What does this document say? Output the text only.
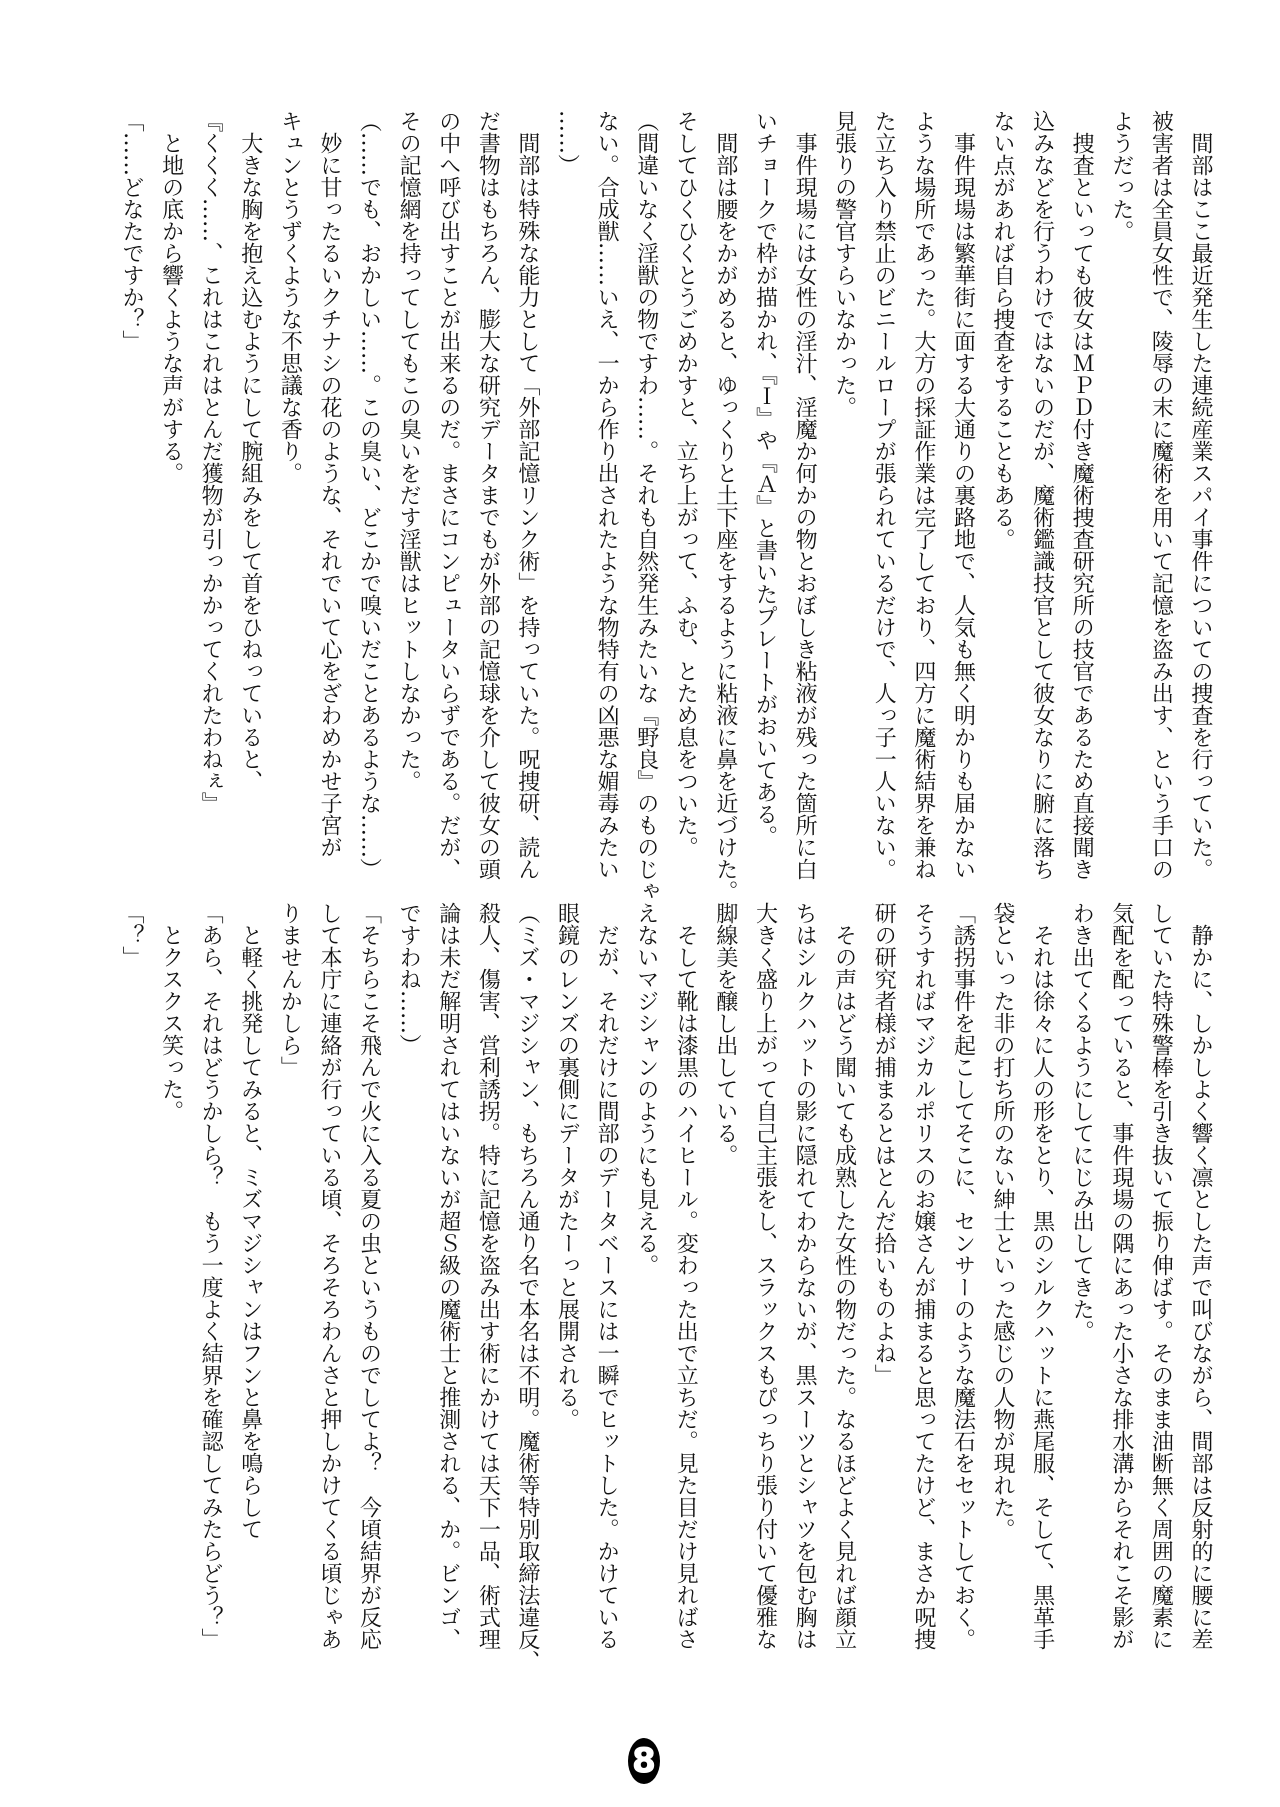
　間部はここ最近発生した連続産業スパイ事件についての捜査を行っていた。
被害者は全員女性で、陵辱の末に魔術を用いて記憶を盗み出す、という手口の
ようだった。
　捜査といっても彼女はＭＰＤ付き魔術捜査研究所の技官であるため直接聞き
込みなどを行うわけではないのだが、魔術鑑識技官として彼女なりに腑に落ち
ない点があれば自ら捜査をすることもある。
　事件現場は繁華街に面する大通りの裏路地で、人気も無く明かりも届かない
ような場所であった。大方の採証作業は完了しており、四方に魔術結界を兼ね
た立ち入り禁止のビニールロープが張られているだけで、人っ子一人いない。
見張りの警官すらいなかった。
　事件現場には女性の淫汁、淫魔か何かの物とおぼしき粘液が残った箇所に白
いチョークで枠が描かれ、『Ｉ』や『Ａ』と書いたプレートがおいてある。
　間部は腰をかがめると、ゆっくりと土下座をするように粘液に鼻を近づけた。
そしてひくひくとうごめかすと、立ち上がって、ふむ、とため息をついた。
（間違いなく淫獣の物ですわ……。それも自然発生みたいな『野良』のものじゃ
ない。合成獣……いえ、一から作り出されたような物特有の凶悪な媚毒みたい
……）
　間部は特殊な能力として「外部記憶リンク術」を持っていた。呪捜研、読ん
だ書物はもちろん、膨大な研究データまでもが外部の記憶球を介して彼女の頭
の中へ呼び出すことが出来るのだ。まさにコンピュータいらずである。だが、
その記憶網を持ってしてもこの臭いをだす淫獣はヒットしなかった。
（……でも、おかしい……。この臭い、どこかで嗅いだことあるような……）
　妙に甘ったるいクチナシの花のような、それでいて心をざわめかせ子宮が
キュンとうずくような不思議な香り。
　大きな胸を抱え込むようにして腕組みをして首をひねっていると、
『くくく……、これはこれはとんだ獲物が引っかかってくれたわねぇ』
　と地の底から響くような声がする。
「……どなたですか？」
　静かに、しかしよく響く凛とした声で叫びながら、間部は反射的に腰に差
していた特殊警棒を引き抜いて振り伸ばす。そのまま油断無く周囲の魔素に
気配を配っていると、事件現場の隅にあった小さな排水溝からそれこそ影が
わき出てくるようにしてにじみ出してきた。
　それは徐々に人の形をとり、黒のシルクハットに燕尾服、そして、黒革手
袋といった非の打ち所のない紳士といった感じの人物が現れた。
「誘拐事件を起こしてそこに、センサーのような魔法石をセットしておく。
そうすればマジカルポリスのお嬢さんが捕まると思ってたけど、まさか呪捜
研の研究者様が捕まるとはとんだ拾いものよね」
　その声はどう聞いても成熟した女性の物だった。なるほどよく見れば顔立
ちはシルクハットの影に隠れてわからないが、黒スーツとシャツを包む胸は
大きく盛り上がって自己主張をし、スラックスもぴっちり張り付いて優雅な
脚線美を醸し出している。
　そして靴は漆黒のハイヒール。変わった出で立ちだ。見た目だけ見ればさ
えないマジシャンのようにも見える。
　だが、それだけに間部のデータベースには一瞬でヒットした。かけている
眼鏡のレンズの裏側にデータがたーっと展開される。
（ミズ・マジシャン、もちろん通り名で本名は不明。魔術等特別取締法違反、
殺人、傷害、営利誘拐。特に記憶を盗み出す術にかけては天下一品、術式理
論は未だ解明されてはいないが超Ｓ級の魔術士と推測される、か。ビンゴ、
ですわね……）
「そちらこそ飛んで火に入る夏の虫というものでしてよ？　今頃結界が反応
して本庁に連絡が行っている頃、そろそろわんさと押しかけてくる頃じゃあ
りませんかしら」
　と軽く挑発してみると、ミズマジシャンはフンと鼻を鳴らして
「あら、それはどうかしら？　もう一度よく結界を確認してみたらどう？」
　とクスクス笑った。
「？」
8
